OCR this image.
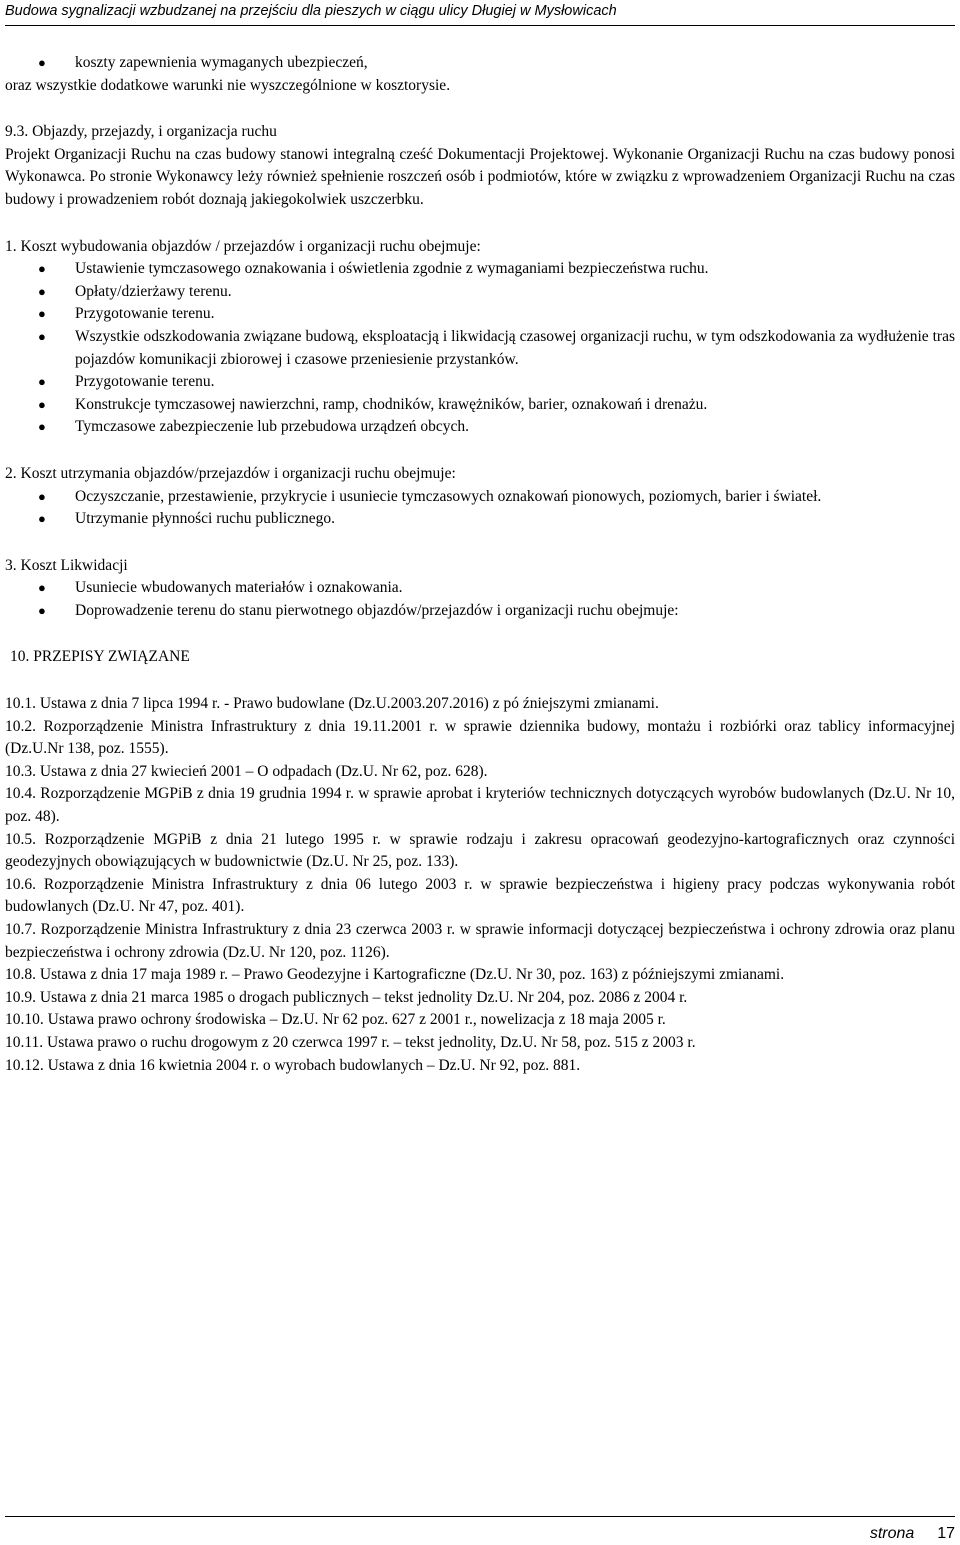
Budowa sygnalizacji wzbudzanej na przejściu dla pieszych w ciągu ulicy Długiej w Mysłowicach
● koszty zapewnienia wymaganych ubezpieczeń,

oraz wszystkie dodatkowe warunki nie wyszczególnione w kosztorysie.

9.3. Objazdy, przejazdy, i organizacja ruchu

Projekt Organizacji Ruchu na czas budowy stanowi integralną cześć Dokumentacji Projektowej. Wykonanie Organizacji Ruchu na czas budowy ponosi Wykonawca. Po stronie Wykonawcy leży również spełnienie roszczeń osób i podmiotów, które w związku z wprowadzeniem Organizacji Ruchu na czas budowy i prowadzeniem robót doznają jakiegokolwiek uszczerbku.

1. Koszt wybudowania objazdów / przejazdów i organizacji ruchu obejmuje:

● Ustawienie tymczasowego oznakowania i oświetlenia zgodnie z wymaganiami bezpieczeństwa ruchu.
● Opłaty/dzierżawy terenu.
● Przygotowanie terenu.
● Wszystkie odszkodowania związane budową, eksploatacją i likwidacją czasowej organizacji ruchu, w tym odszkodowania za wydłużenie tras pojazdów komunikacji zbiorowej i czasowe przeniesienie przystanków.
● Przygotowanie terenu.
● Konstrukcje tymczasowej nawierzchni, ramp, chodników, krawężników, barier, oznakowań i drenażu.
● Tymczasowe zabezpieczenie lub przebudowa urządzeń obcych.

2. Koszt utrzymania objazdów/przejazdów i organizacji ruchu obejmuje:

● Oczyszczanie, przestawienie, przykrycie i usuniecie tymczasowych oznakowań pionowych, poziomych, barier i świateł.
● Utrzymanie płynności ruchu publicznego.

3. Koszt Likwidacji

● Usuniecie wbudowanych materiałów i oznakowania.
● Doprowadzenie terenu do stanu pierwotnego objazdów/przejazdów i organizacji ruchu obejmuje:

10. PRZEPISY ZWIĄZANE

10.1. Ustawa z dnia 7 lipca 1994 r. - Prawo budowlane (Dz.U.2003.207.2016) z pó źniejszymi zmianami.

10.2. Rozporządzenie Ministra Infrastruktury z dnia 19.11.2001 r. w sprawie dziennika budowy, montażu i rozbiórki oraz tablicy informacyjnej (Dz.U.Nr 138, poz. 1555).

10.3. Ustawa z dnia 27 kwiecień 2001 – O odpadach (Dz.U. Nr 62, poz. 628).

10.4. Rozporządzenie MGPiB z dnia 19 grudnia 1994 r. w sprawie aprobat i kryteriów technicznych dotyczących wyrobów budowlanych (Dz.U. Nr 10, poz. 48).

10.5. Rozporządzenie MGPiB z dnia 21 lutego 1995 r. w sprawie rodzaju i zakresu opracowań geodezyjno-kartograficznych oraz czynności geodezyjnych obowiązujących w budownictwie (Dz.U. Nr 25, poz. 133).

10.6. Rozporządzenie Ministra Infrastruktury z dnia 06 lutego 2003 r. w sprawie bezpieczeństwa i higieny pracy podczas wykonywania robót budowlanych (Dz.U. Nr 47, poz. 401).

10.7. Rozporządzenie Ministra Infrastruktury z dnia 23 czerwca 2003 r. w sprawie informacji dotyczącej bezpieczeństwa i ochrony zdrowia oraz planu bezpieczeństwa i ochrony zdrowia (Dz.U. Nr 120, poz. 1126).

10.8. Ustawa z dnia 17 maja 1989 r. – Prawo Geodezyjne i Kartograficzne (Dz.U. Nr 30, poz. 163) z późniejszymi zmianami.

10.9. Ustawa z dnia 21 marca 1985 o drogach publicznych – tekst jednolity Dz.U. Nr 204, poz. 2086 z 2004 r.

10.10. Ustawa prawo ochrony środowiska – Dz.U. Nr 62 poz. 627 z 2001 r., nowelizacja z 18 maja 2005 r.

10.11. Ustawa prawo o ruchu drogowym z 20 czerwca 1997 r. – tekst jednolity, Dz.U. Nr 58, poz. 515 z 2003 r.

10.12. Ustawa z dnia 16 kwietnia 2004 r. o wyrobach budowlanych – Dz.U. Nr 92, poz. 881.

strona 17
